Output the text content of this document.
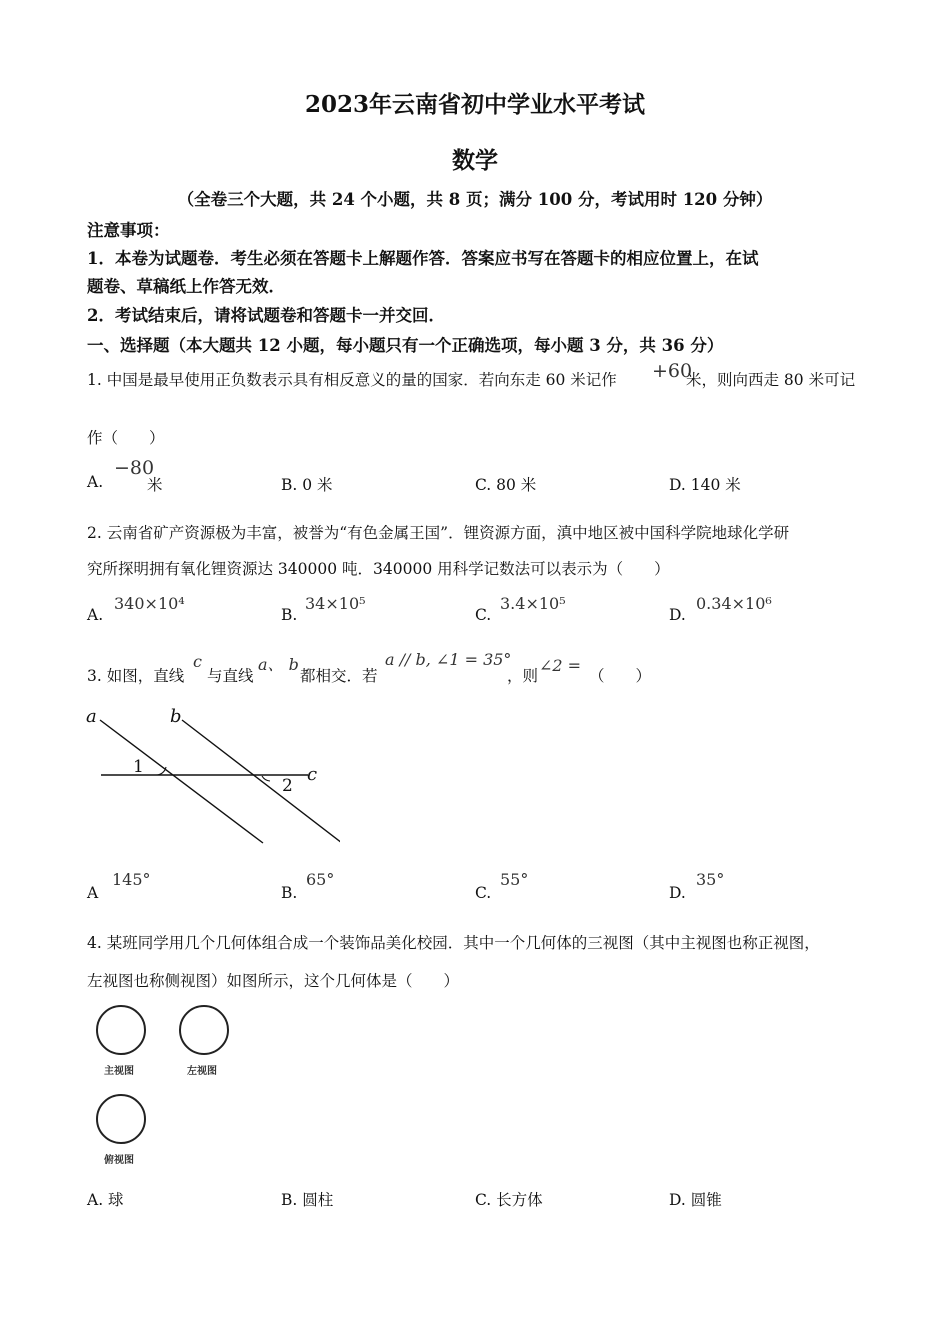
2023年云南省初中学业水平考试
数学
（全卷三个大题，共 24 个小题，共 8 页；满分 100 分，考试用时 120 分钟）
注意事项：
1．本卷为试题卷．考生必须在答题卡上解题作答．答案应书写在答题卡的相应位置上，在试
题卷、草稿纸上作答无效．
2．考试结束后，请将试题卷和答题卡一并交回．
一、选择题（本大题共 12 小题，每小题只有一个正确选项，每小题 3 分，共 36 分）
1. 中国是最早使用正负数表示具有相反意义的量的国家．若向东走 60 米记作 +60
米，则向西走 80 米可记
作（　　）
A.
−80
米	B. 0 米	C. 80 米	D. 140 米
2. 云南省矿产资源极为丰富，被誉为“有色金属王国”．锂资源方面，滇中地区被中国科学院地球化学研
究所探明拥有氧化锂资源达 340000 吨．340000 用科学记数法可以表示为（　　）
A.
340×10⁴
B.
34×10⁵
C.
3.4×10⁵
D.
0.34×10⁶
3. 如图，直线
c
与直线
a、 b
都相交．若
a // b, ∠1 = 35°
，则
∠2 =
（　　）
a	b
c
1
2
A
145°
B.
65°
C.
55°
D.
35°
4. 某班同学用几个几何体组合成一个装饰品美化校园．其中一个几何体的三视图（其中主视图也称正视图，
左视图也称侧视图）如图所示，这个几何体是（　　）
主视图	左视图
俯视图
A. 球	B. 圆柱	C. 长方体	D. 圆锥
